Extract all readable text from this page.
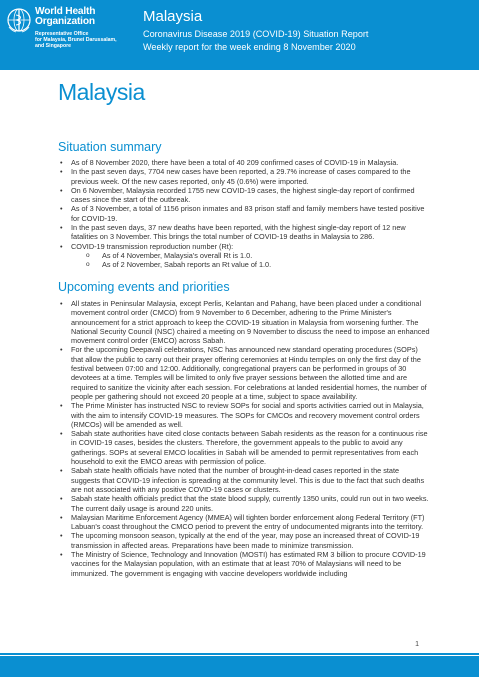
World Health
Organization
Representative Office
for Malaysia, Brunei Darussalam,
and Singapore
Malaysia
Coronavirus Disease 2019 (COVID-19) Situation Report
Weekly report for the week ending 8 November 2020
Malaysia
Situation summary
• As of 8 November 2020, there have been a total of 40 209 confirmed cases of COVID-19 in Malaysia.
• In the past seven days, 7704 new cases have been reported, a 29.7% increase of cases compared to the previous week. Of the new cases reported, only 45 (0.6%) were imported.
• On 6 November, Malaysia recorded 1755 new COVID-19 cases, the highest single-day report of confirmed cases since the start of the outbreak.
• As of 3 November, a total of 1156 prison inmates and 83 prison staff and family members have tested positive for COVID-19.
• In the past seven days, 37 new deaths have been reported, with the highest single-day report of 12 new fatalities on 3 November. This brings the total number of COVID-19 deaths in Malaysia to 286.
• COVID-19 transmission reproduction number (Rt):
o As of 4 November, Malaysia's overall Rt is 1.0.
o As of 2 November, Sabah reports an Rt value of 1.0.
Upcoming events and priorities
• All states in Peninsular Malaysia, except Perlis, Kelantan and Pahang, have been placed under a conditional movement control order (CMCO) from 9 November to 6 December, adhering to the Prime Minister's announcement for a strict approach to keep the COVID-19 situation in Malaysia from worsening further. The National Security Council (NSC) chaired a meeting on 9 November to discuss the need to impose an enhanced movement control order (EMCO) across Sabah.
• For the upcoming Deepavali celebrations, NSC has announced new standard operating procedures (SOPs) that allow the public to carry out their prayer offering ceremonies at Hindu temples on only the first day of the festival between 07:00 and 12:00. Additionally, congregational prayers can be performed in groups of 30 devotees at a time. Temples will be limited to only five prayer sessions between the allotted time and are required to sanitize the vicinity after each session. For celebrations at landed residential homes, the number of people per gathering should not exceed 20 people at a time, subject to space availability.
• The Prime Minister has instructed NSC to review SOPs for social and sports activities carried out in Malaysia, with the aim to intensify COVID-19 measures. The SOPs for CMCOs and recovery movement control orders (RMCOs) will be amended as well.
• Sabah state authorities have cited close contacts between Sabah residents as the reason for a continuous rise in COVID-19 cases, besides the clusters. Therefore, the government appeals to the public to avoid any gatherings. SOPs at several EMCO localities in Sabah will be amended to permit representatives from each household to exit the EMCO areas with permission of police.
• Sabah state health officials have noted that the number of brought-in-dead cases reported in the state suggests that COVID-19 infection is spreading at the community level. This is due to the fact that such deaths are not associated with any positive COVID-19 cases or clusters.
• Sabah state health officials predict that the state blood supply, currently 1350 units, could run out in two weeks. The current daily usage is around 220 units.
• Malaysian Maritime Enforcement Agency (MMEA) will tighten border enforcement along Federal Territory (FT) Labuan's coast throughout the CMCO period to prevent the entry of undocumented migrants into the territory.
• The upcoming monsoon season, typically at the end of the year, may pose an increased threat of COVID-19 transmission in affected areas. Preparations have been made to minimize transmission.
• The Ministry of Science, Technology and Innovation (MOSTI) has estimated RM 3 billion to procure COVID-19 vaccines for the Malaysian population, with an estimate that at least 70% of Malaysians will need to be immunized. The government is engaging with vaccine developers worldwide including
1
